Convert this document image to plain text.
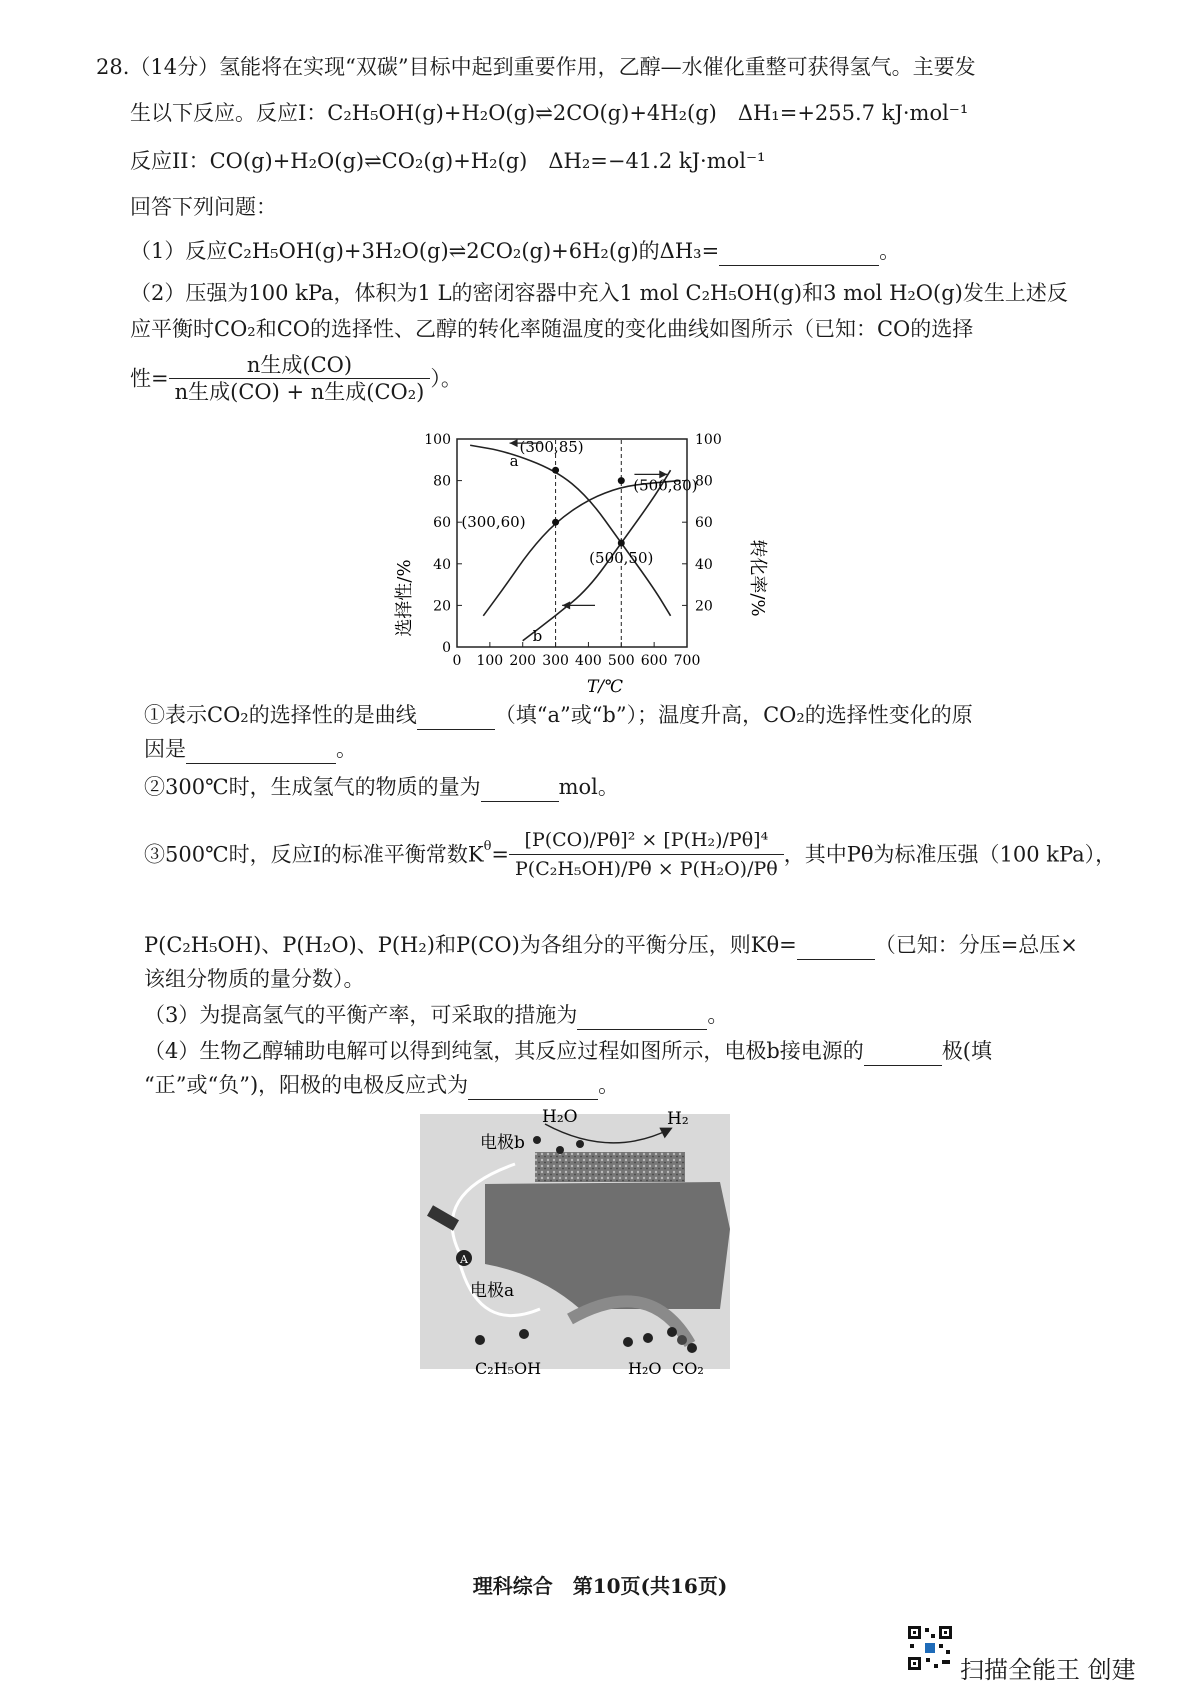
28.（14分）氢能将在实现“双碳”目标中起到重要作用，乙醇—水催化重整可获得氢气。主要发
生以下反应。反应I：C₂H₅OH(g)+H₂O(g)⇌2CO(g)+4H₂(g)　ΔH₁=+255.7 kJ·mol⁻¹
反应II：CO(g)+H₂O(g)⇌CO₂(g)+H₂(g)　ΔH₂=−41.2 kJ·mol⁻¹
回答下列问题：
（1）反应C₂H₅OH(g)+3H₂O(g)⇌2CO₂(g)+6H₂(g)的ΔH₃=	。
（2）压强为100 kPa，体积为1 L的密闭容器中充入1 mol C₂H₅OH(g)和3 mol H₂O(g)发生上述反
应平衡时CO₂和CO的选择性、乙醇的转化率随温度的变化曲线如图所示（已知：CO的选择
性= $\frac{\text{n生成(CO)}}{\text{n生成(CO) + n生成(CO₂)}}$ ）。
选择性/%	转化率/%
T/℃
0 100 200 300 400 500 600 700
0
20
40
60
80
100
20
40
60
80
100
a
b
(300,85)
(300,60)
(500,50)
(500,80)
①表示CO₂的选择性的是曲线	（填“a”或“b”）；温度升高，CO₂的选择性变化的原
因是	。
②300℃时，生成氢气的物质的量为	mol。
③500℃时，反应I的标准平衡常数$K^\theta= \frac{\text{[P(CO)/Pθ]² × [P(H₂)/Pθ]⁴}}{\text{P(C₂H₅OH)/Pθ × P(H₂O)/Pθ}}$ ，其中Pθ为标准压强（100 kPa），
P(C₂H₅OH)、P(H₂O)、P(H₂)和P(CO)为各组分的平衡分压，则Kθ=	（已知：分压=总压×
该组分物质的量分数）。
（3）为提高氢气的平衡产率，可采取的措施为	。
（4）生物乙醇辅助电解可以得到纯氢，其反应过程如图所示，电极b接电源的	极(填
“正”或“负”)，阳极的电极反应式为	。
A
H₂O	H₂
电极b
电极a
C₂H₅OH	H₂O CO₂
理科综合　第10页(共16页)
扫描全能王 创建
